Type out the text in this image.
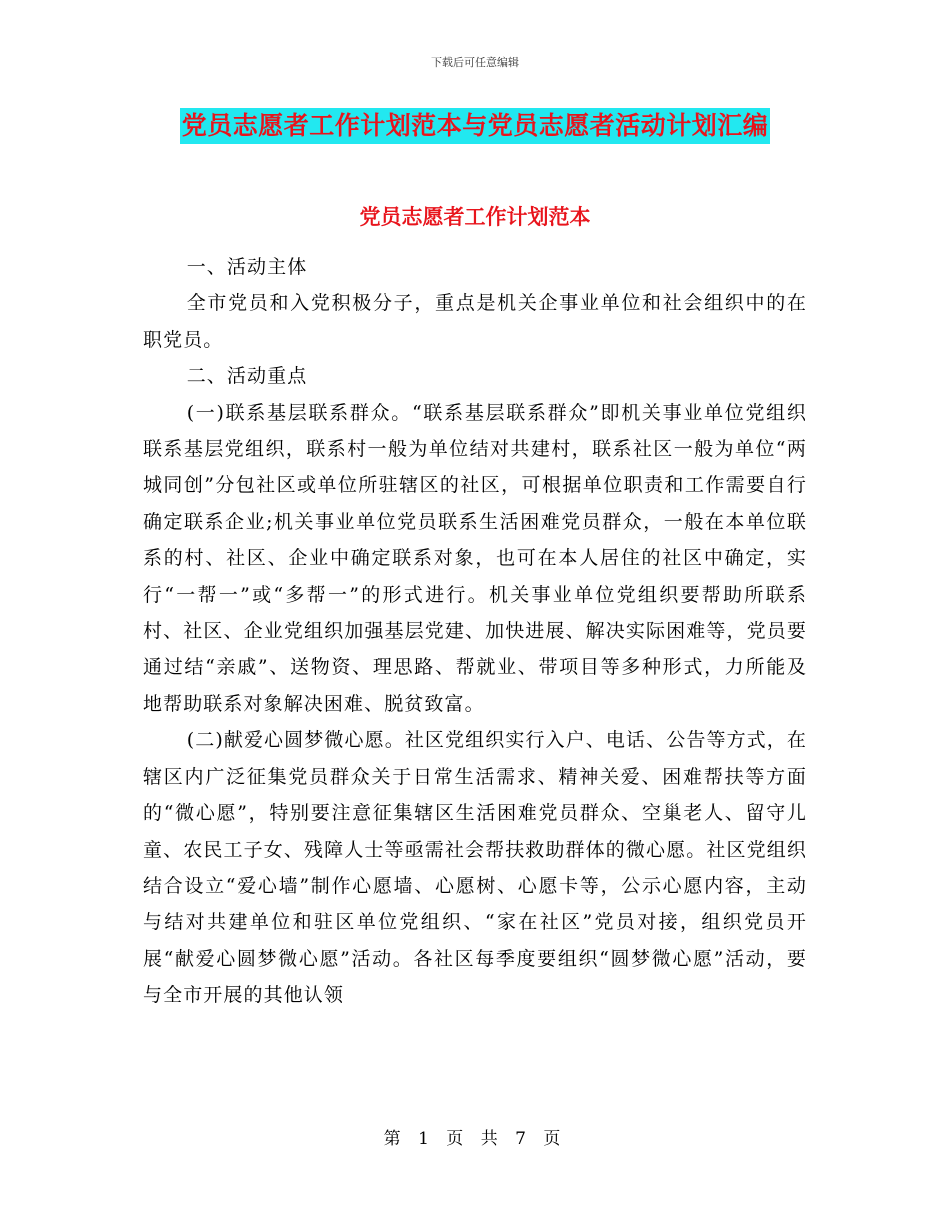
下载后可任意编辑
党员志愿者工作计划范本与党员志愿者活动计划汇编
党员志愿者工作计划范本

一、活动主体

全市党员和入党积极分子，重点是机关企事业单位和社会组织中的在职党员。

二、活动重点

(一)联系基层联系群众。“联系基层联系群众”即机关事业单位党组织联系基层党组织，联系村一般为单位结对共建村，联系社区一般为单位“两城同创”分包社区或单位所驻辖区的社区，可根据单位职责和工作需要自行确定联系企业;机关事业单位党员联系生活困难党员群众，一般在本单位联系的村、社区、企业中确定联系对象，也可在本人居住的社区中确定，实行“一帮一”或“多帮一”的形式进行。机关事业单位党组织要帮助所联系村、社区、企业党组织加强基层党建、加快进展、解决实际困难等，党员要通过结“亲戚”、送物资、理思路、帮就业、带项目等多种形式，力所能及地帮助联系对象解决困难、脱贫致富。

(二)献爱心圆梦微心愿。社区党组织实行入户、电话、公告等方式，在辖区内广泛征集党员群众关于日常生活需求、精神关爱、困难帮扶等方面的“微心愿”，特别要注意征集辖区生活困难党员群众、空巢老人、留守儿童、农民工子女、残障人士等亟需社会帮扶救助群体的微心愿。社区党组织结合设立“爱心墙”制作心愿墙、心愿树、心愿卡等，公示心愿内容，主动与结对共建单位和驻区单位党组织、“家在社区”党员对接，组织党员开展“献爱心圆梦微心愿”活动。各社区每季度要组织“圆梦微心愿”活动，要与全市开展的其他认领

第 1 页 共 7 页
